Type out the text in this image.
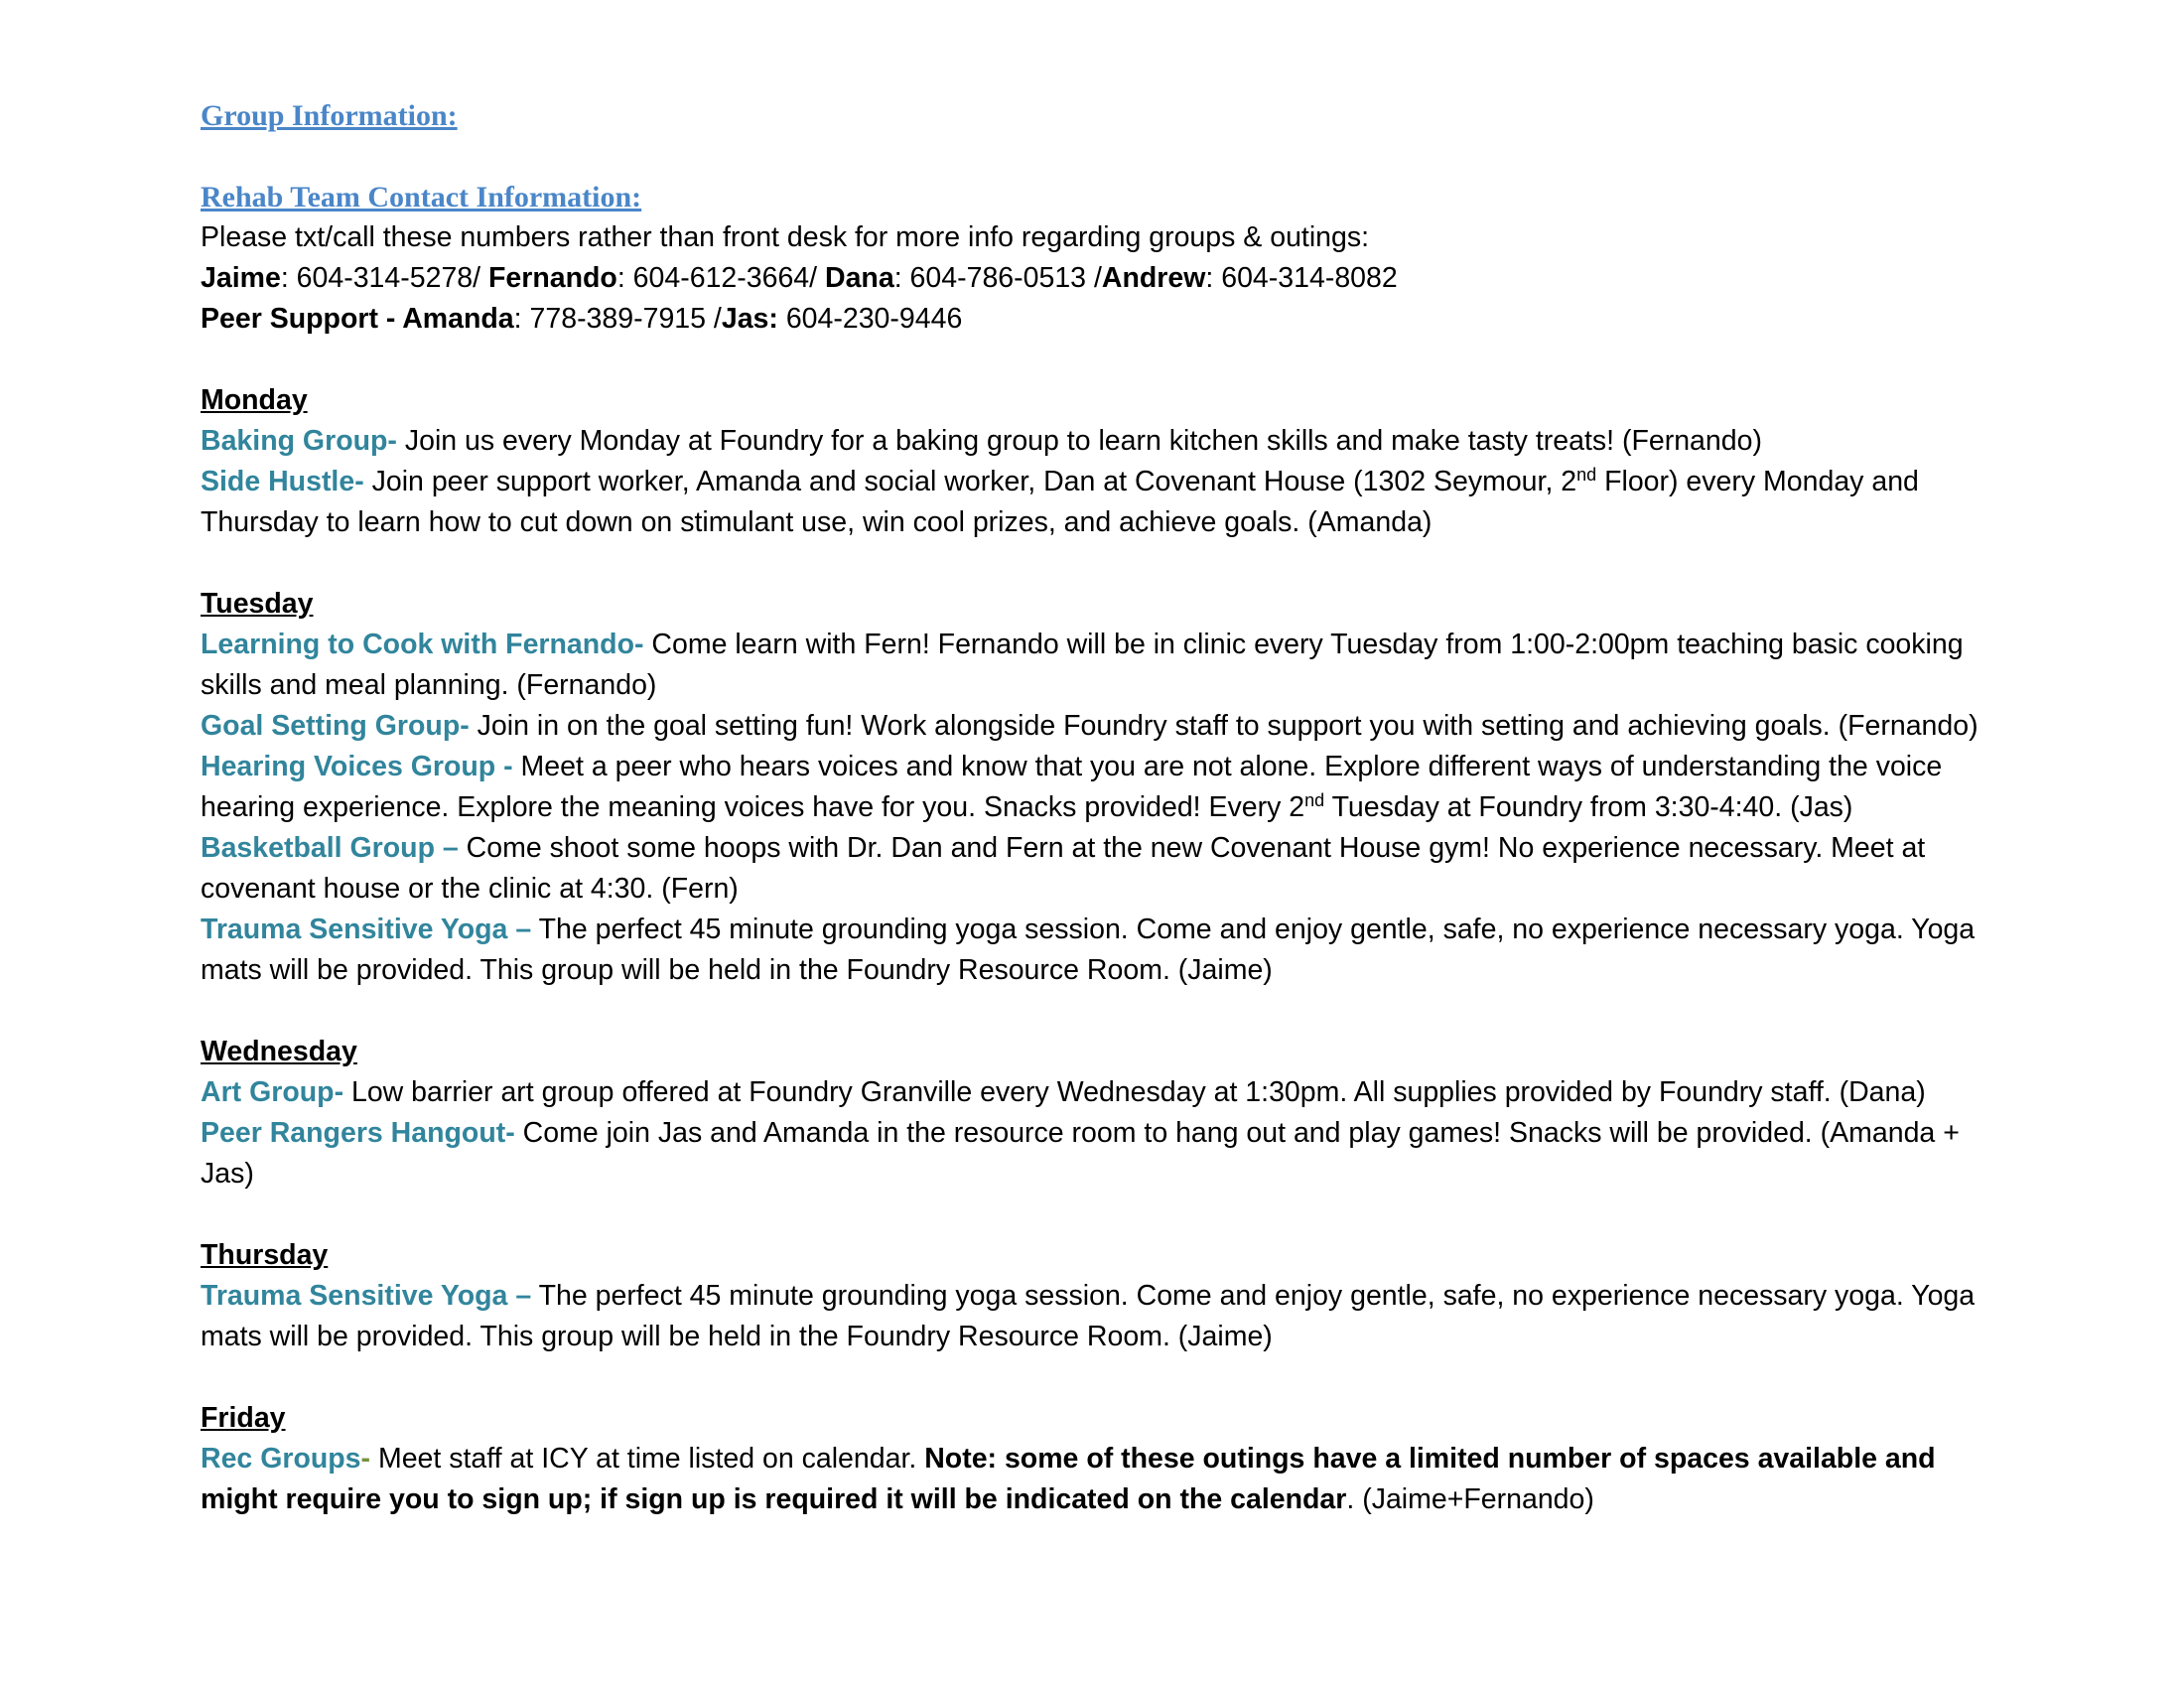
Group Information:

Rehab Team Contact Information:

Please txt/call these numbers rather than front desk for more info regarding groups & outings:

Jaime: 604-314-5278/ Fernando: 604-612-3664/ Dana: 604-786-0513 /Andrew: 604-314-8082

Peer Support - Amanda: 778-389-7915 /Jas: 604-230-9446

Monday

Baking Group- Join us every Monday at Foundry for a baking group to learn kitchen skills and make tasty treats! (Fernando)

Side Hustle- Join peer support worker, Amanda and social worker, Dan at Covenant House (1302 Seymour, 2nd Floor) every Monday and Thursday to learn how to cut down on stimulant use, win cool prizes, and achieve goals. (Amanda)

Tuesday

Learning to Cook with Fernando- Come learn with Fern! Fernando will be in clinic every Tuesday from 1:00-2:00pm teaching basic cooking skills and meal planning. (Fernando)

Goal Setting Group- Join in on the goal setting fun! Work alongside Foundry staff to support you with setting and achieving goals. (Fernando)

Hearing Voices Group - Meet a peer who hears voices and know that you are not alone. Explore different ways of understanding the voice hearing experience. Explore the meaning voices have for you. Snacks provided! Every 2nd Tuesday at Foundry from 3:30-4:40. (Jas)

Basketball Group – Come shoot some hoops with Dr. Dan and Fern at the new Covenant House gym! No experience necessary. Meet at covenant house or the clinic at 4:30. (Fern)

Trauma Sensitive Yoga – The perfect 45 minute grounding yoga session. Come and enjoy gentle, safe, no experience necessary yoga. Yoga mats will be provided. This group will be held in the Foundry Resource Room. (Jaime)

Wednesday

Art Group- Low barrier art group offered at Foundry Granville every Wednesday at 1:30pm. All supplies provided by Foundry staff. (Dana)

Peer Rangers Hangout- Come join Jas and Amanda in the resource room to hang out and play games! Snacks will be provided. (Amanda + Jas)

Thursday

Trauma Sensitive Yoga – The perfect 45 minute grounding yoga session. Come and enjoy gentle, safe, no experience necessary yoga. Yoga mats will be provided. This group will be held in the Foundry Resource Room. (Jaime)

Friday

Rec Groups- Meet staff at ICY at time listed on calendar. Note: some of these outings have a limited number of spaces available and might require you to sign up; if sign up is required it will be indicated on the calendar. (Jaime+Fernando)
